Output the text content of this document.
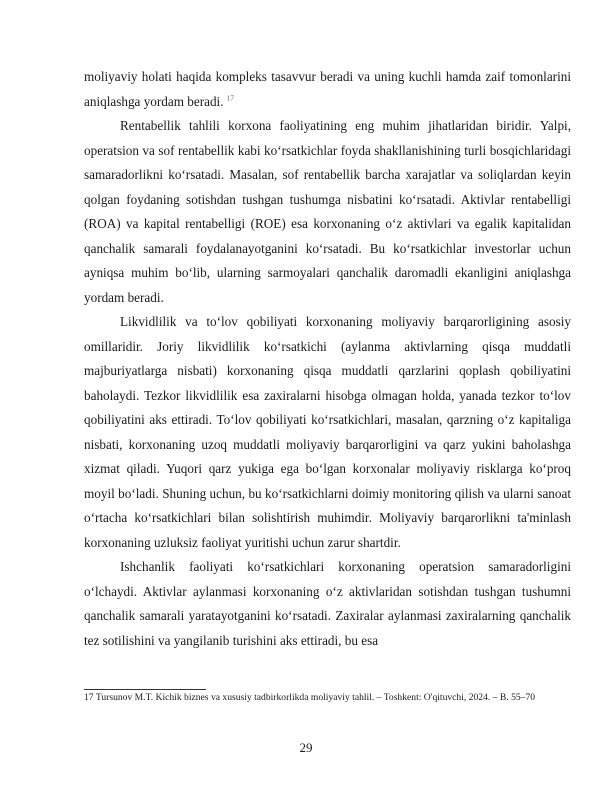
moliyaviy holati haqida kompleks tasavvur beradi va uning kuchli hamda zaif tomonlarini aniqlashga yordam beradi. $^{17}$

Rentabellik tahlili korxona faoliyatining eng muhim jihatlaridan biridir. Yalpi, operatsion va sof rentabellik kabi ko‘rsatkichlar foyda shakllanishining turli bosqichlaridagi samaradorlikni ko‘rsatadi. Masalan, sof rentabellik barcha xarajatlar va soliqlardan keyin qolgan foydaning sotishdan tushgan tushumga nisbatini ko‘rsatadi. Aktivlar rentabelligi (ROA) va kapital rentabelligi (ROE) esa korxonaning o‘z aktivlari va egalik kapitalidan qanchalik samarali foydalanayotganini ko‘rsatadi. Bu ko‘rsatkichlar investorlar uchun ayniqsa muhim bo‘lib, ularning sarmoyalari qanchalik daromadli ekanligini aniqlashga yordam beradi.

Likvidlilik va to‘lov qobiliyati korxonaning moliyaviy barqarorligining asosiy omillaridir. Joriy likvidlilik ko‘rsatkichi (aylanma aktivlarning qisqa muddatli majburiyatlarga nisbati) korxonaning qisqa muddatli qarzlarini qoplash qobiliyatini baholaydi. Tezkor likvidlilik esa zaxiralarni hisobga olmagan holda, yanada tezkor to‘lov qobiliyatini aks ettiradi. To‘lov qobiliyati ko‘rsatkichlari, masalan, qarzning o‘z kapitaliga nisbati, korxonaning uzoq muddatli moliyaviy barqarorligini va qarz yukini baholashga xizmat qiladi. Yuqori qarz yukiga ega bo‘lgan korxonalar moliyaviy risklarga ko‘proq moyil bo‘ladi. Shuning uchun, bu ko‘rsatkichlarni doimiy monitoring qilish va ularni sanoat o‘rtacha ko‘rsatkichlari bilan solishtirish muhimdir. Moliyaviy barqarorlikni ta'minlash korxonaning uzluksiz faoliyat yuritishi uchun zarur shartdir.

Ishchanlik faoliyati ko‘rsatkichlari korxonaning operatsion samaradorligini o‘lchaydi. Aktivlar aylanmasi korxonaning o‘z aktivlaridan sotishdan tushgan tushumni qanchalik samarali yaratayotganini ko‘rsatadi. Zaxiralar aylanmasi zaxiralarning qanchalik tez sotilishini va yangilanib turishini aks ettiradi, bu esa

17 Tursunov M.T. Kichik biznes va xususiy tadbirkorlikda moliyaviy tahlil. – Toshkent: O'qituvchi, 2024. – B. 55–70
29
